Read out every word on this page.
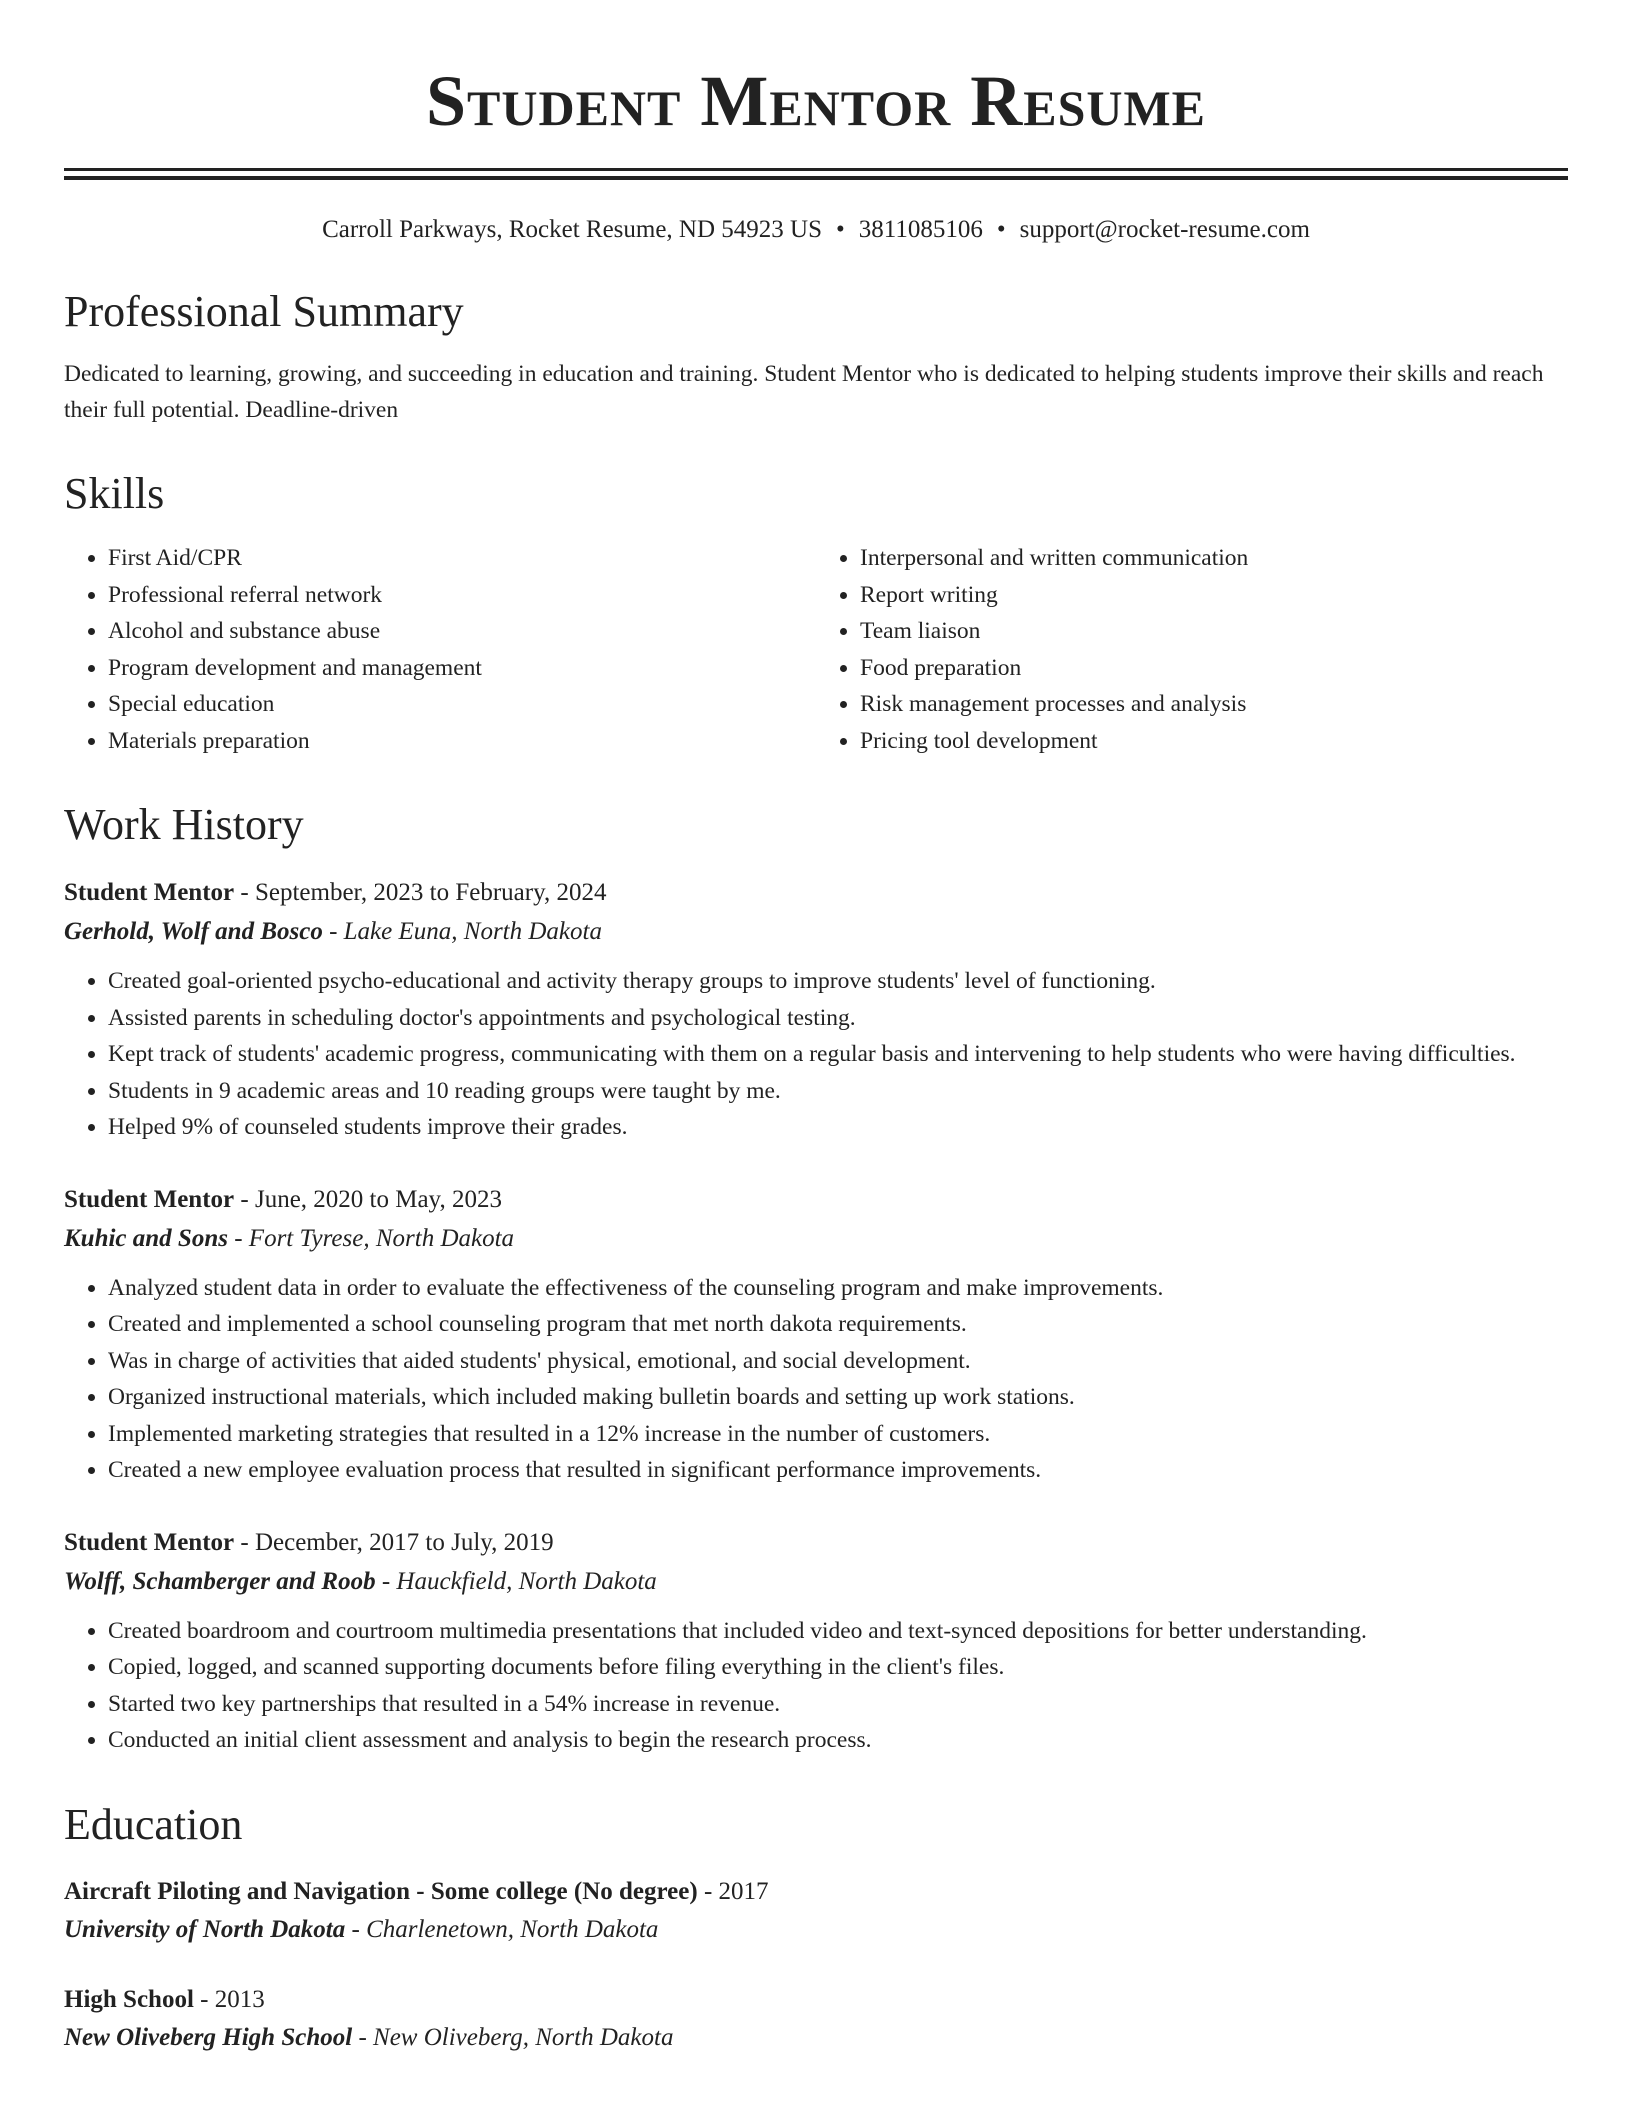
Student Mentor Resume
Carroll Parkways, Rocket Resume, ND 54923 US • 3811085106 • support@rocket-resume.com
Professional Summary

Dedicated to learning, growing, and succeeding in education and training. Student Mentor who is dedicated to helping students improve their skills and reach their full potential. Deadline-driven

Skills
• First Aid/CPR
• Professional referral network
• Alcohol and substance abuse
• Program development and management
• Special education
• Materials preparation
• Interpersonal and written communication
• Report writing
• Team liaison
• Food preparation
• Risk management processes and analysis
• Pricing tool development
Work History
Student Mentor - September, 2023 to February, 2024
Gerhold, Wolf and Bosco - Lake Euna, North Dakota
• Created goal-oriented psycho-educational and activity therapy groups to improve students' level of functioning.
• Assisted parents in scheduling doctor's appointments and psychological testing.
• Kept track of students' academic progress, communicating with them on a regular basis and intervening to help students who were having difficulties.
• Students in 9 academic areas and 10 reading groups were taught by me.
• Helped 9% of counseled students improve their grades.
Student Mentor - June, 2020 to May, 2023
Kuhic and Sons - Fort Tyrese, North Dakota
• Analyzed student data in order to evaluate the effectiveness of the counseling program and make improvements.
• Created and implemented a school counseling program that met north dakota requirements.
• Was in charge of activities that aided students' physical, emotional, and social development.
• Organized instructional materials, which included making bulletin boards and setting up work stations.
• Implemented marketing strategies that resulted in a 12% increase in the number of customers.
• Created a new employee evaluation process that resulted in significant performance improvements.
Student Mentor - December, 2017 to July, 2019
Wolff, Schamberger and Roob - Hauckfield, North Dakota
• Created boardroom and courtroom multimedia presentations that included video and text-synced depositions for better understanding.
• Copied, logged, and scanned supporting documents before filing everything in the client's files.
• Started two key partnerships that resulted in a 54% increase in revenue.
• Conducted an initial client assessment and analysis to begin the research process.
Education
Aircraft Piloting and Navigation - Some college (No degree) - 2017
University of North Dakota - Charlenetown, North Dakota
High School - 2013
New Oliveberg High School - New Oliveberg, North Dakota
